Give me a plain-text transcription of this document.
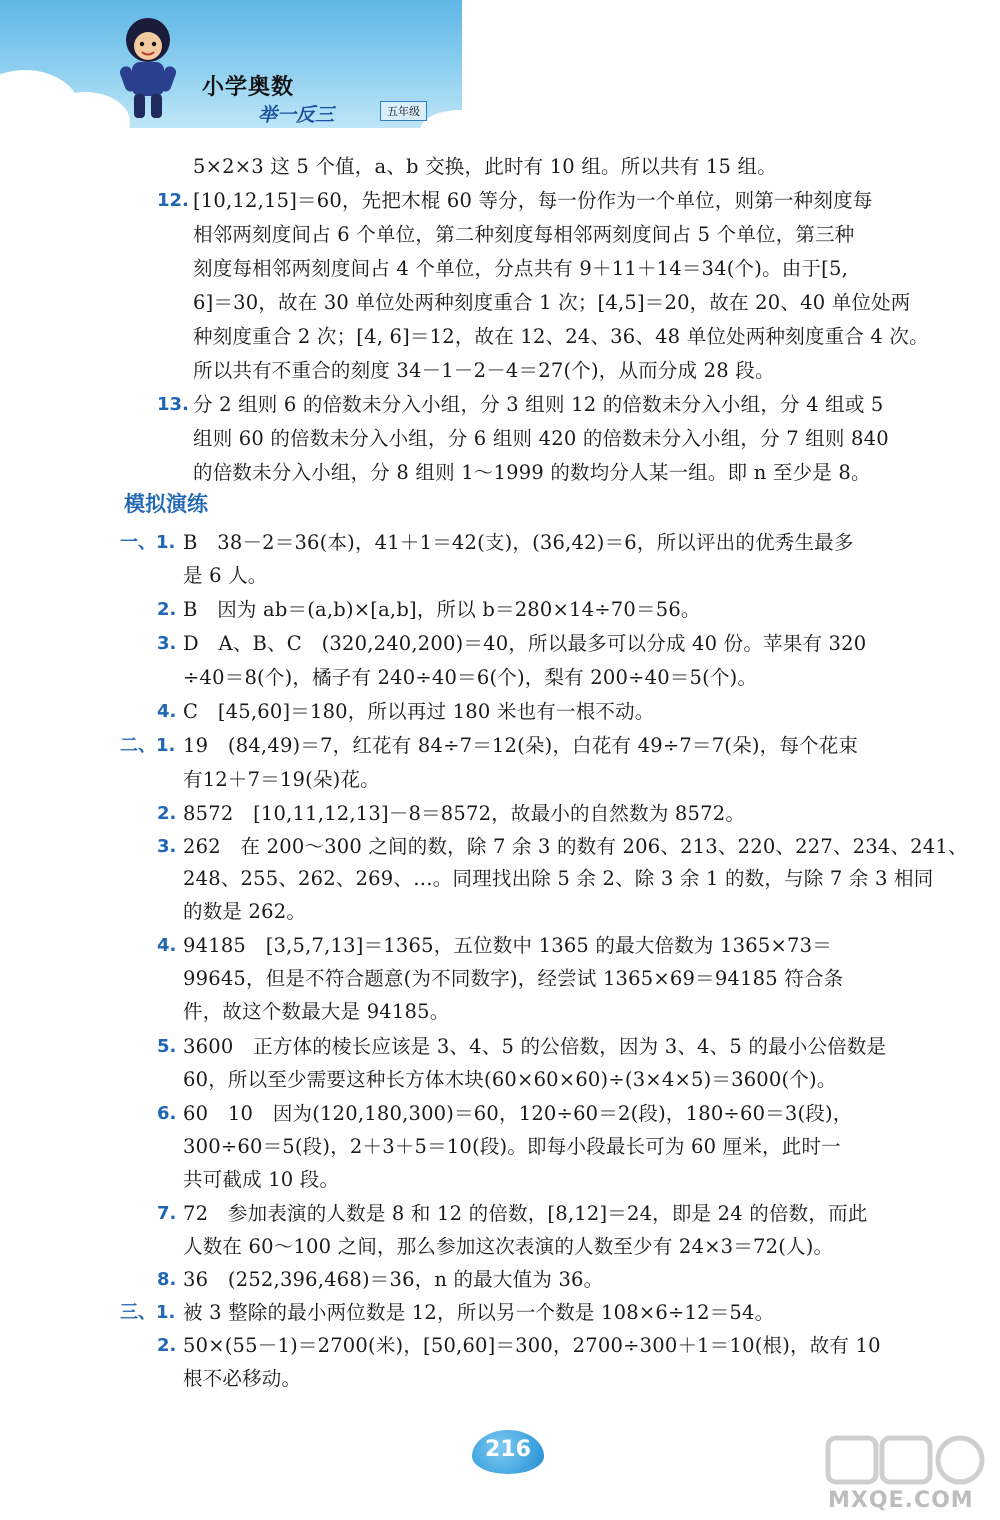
小学奥数
举一反三	五年级
5×2×3 这 5 个值，a、b 交换，此时有 10 组。所以共有 15 组。
12. [10,12,15]＝60，先把木棍 60 等分，每一份作为一个单位，则第一种刻度每
相邻两刻度间占 6 个单位，第二种刻度每相邻两刻度间占 5 个单位，第三种
刻度每相邻两刻度间占 4 个单位，分点共有 9＋11＋14＝34(个)。由于[5,
6]＝30，故在 30 单位处两种刻度重合 1 次；[4,5]＝20，故在 20、40 单位处两
种刻度重合 2 次；[4, 6]＝12，故在 12、24、36、48 单位处两种刻度重合 4 次。
所以共有不重合的刻度 34－1－2－4＝27(个)，从而分成 28 段。
13. 分 2 组则 6 的倍数未分入小组，分 3 组则 12 的倍数未分入小组，分 4 组或 5
组则 60 的倍数未分入小组，分 6 组则 420 的倍数未分入小组，分 7 组则 840
的倍数未分入小组，分 8 组则 1～1999 的数均分人某一组。即 n 至少是 8。
模拟演练
一、1. B　38－2＝36(本)，41＋1＝42(支)，(36,42)＝6，所以评出的优秀生最多
是 6 人。
2. B　因为 ab＝(a,b)×[a,b]，所以 b＝280×14÷70＝56。
3. D　A、B、C　(320,240,200)＝40，所以最多可以分成 40 份。苹果有 320
÷40＝8(个)，橘子有 240÷40＝6(个)，梨有 200÷40＝5(个)。
4. C　[45,60]＝180，所以再过 180 米也有一根不动。
二、1. 19　(84,49)＝7，红花有 84÷7＝12(朵)，白花有 49÷7＝7(朵)，每个花束
有12＋7＝19(朵)花。
2. 8572　[10,11,12,13]－8＝8572，故最小的自然数为 8572。
3. 262　在 200～300 之间的数，除 7 余 3 的数有 206、213、220、227、234、241、
248、255、262、269、…。同理找出除 5 余 2、除 3 余 1 的数，与除 7 余 3 相同
的数是 262。
4. 94185　[3,5,7,13]＝1365，五位数中 1365 的最大倍数为 1365×73＝
99645，但是不符合题意(为不同数字)，经尝试 1365×69＝94185 符合条
件，故这个数最大是 94185。
5. 3600　正方体的棱长应该是 3、4、5 的公倍数，因为 3、4、5 的最小公倍数是
60，所以至少需要这种长方体木块(60×60×60)÷(3×4×5)＝3600(个)。
6. 60　10　因为(120,180,300)＝60，120÷60＝2(段)，180÷60＝3(段)，
300÷60＝5(段)，2＋3＋5＝10(段)。即每小段最长可为 60 厘米，此时一
共可截成 10 段。
7. 72　参加表演的人数是 8 和 12 的倍数，[8,12]＝24，即是 24 的倍数，而此
人数在 60～100 之间，那么参加这次表演的人数至少有 24×3＝72(人)。
8. 36　(252,396,468)＝36，n 的最大值为 36。
三、1. 被 3 整除的最小两位数是 12，所以另一个数是 108×6÷12＝54。
2. 50×(55－1)＝2700(米)，[50,60]＝300，2700÷300＋1＝10(根)，故有 10
根不必移动。
216
MXQE.COM
